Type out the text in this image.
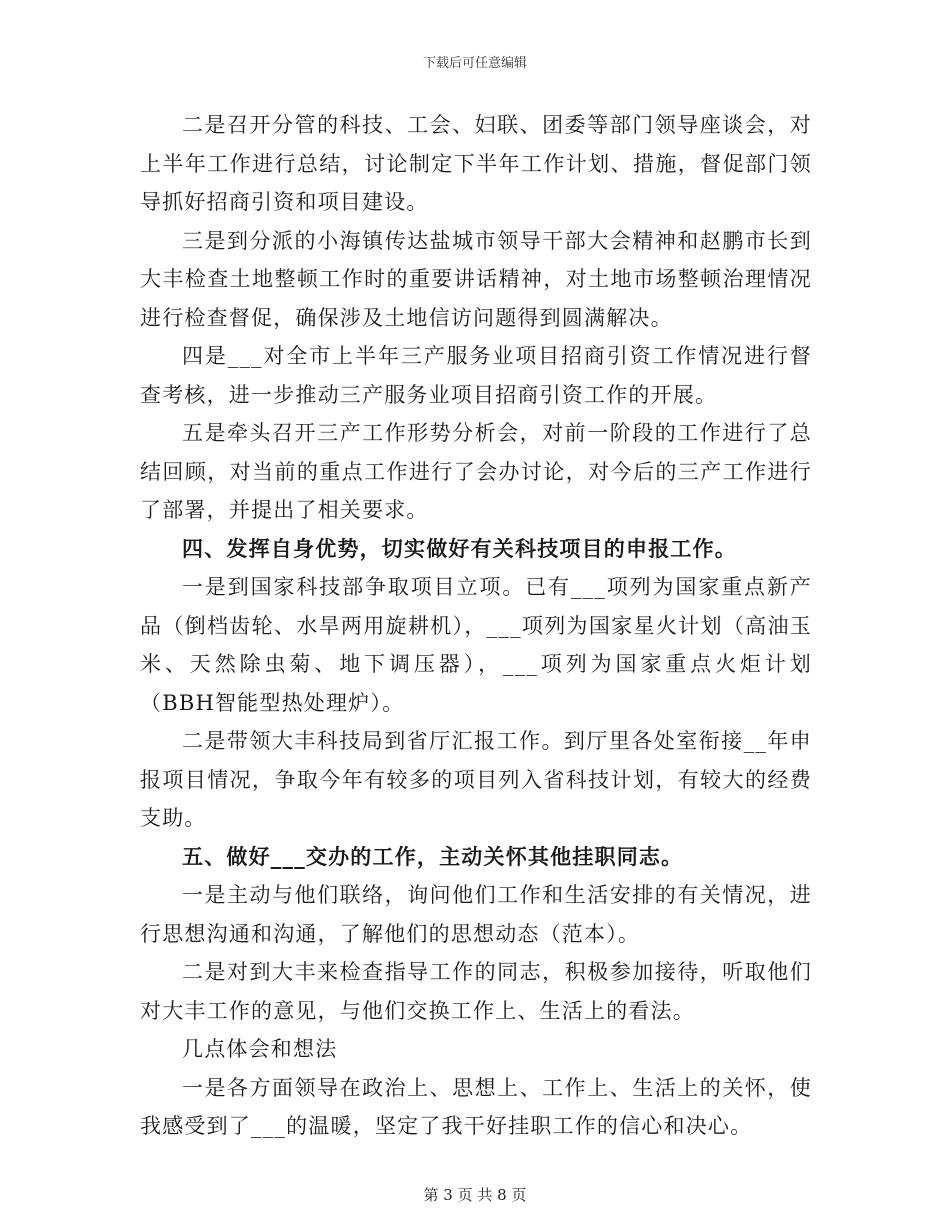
下载后可任意编辑

二是召开分管的科技、工会、妇联、团委等部门领导座谈会，对上半年工作进行总结，讨论制定下半年工作计划、措施，督促部门领导抓好招商引资和项目建设。

三是到分派的小海镇传达盐城市领导干部大会精神和赵鹏市长到大丰检查土地整顿工作时的重要讲话精神，对土地市场整顿治理情况进行检查督促，确保涉及土地信访问题得到圆满解决。

四是___对全市上半年三产服务业项目招商引资工作情况进行督查考核，进一步推动三产服务业项目招商引资工作的开展。

五是牵头召开三产工作形势分析会，对前一阶段的工作进行了总结回顾，对当前的重点工作进行了会办讨论，对今后的三产工作进行了部署，并提出了相关要求。

四、发挥自身优势，切实做好有关科技项目的申报工作。

一是到国家科技部争取项目立项。已有___项列为国家重点新产品（倒档齿轮、水旱两用旋耕机），___项列为国家星火计划（高油玉米、天然除虫菊、地下调压器），___项列为国家重点火炬计划（BBH智能型热处理炉）。

二是带领大丰科技局到省厅汇报工作。到厅里各处室衔接__年申报项目情况，争取今年有较多的项目列入省科技计划，有较大的经费支助。

五、做好___交办的工作，主动关怀其他挂职同志。

一是主动与他们联络，询问他们工作和生活安排的有关情况，进行思想沟通和沟通，了解他们的思想动态（范本）。

二是对到大丰来检查指导工作的同志，积极参加接待，听取他们对大丰工作的意见，与他们交换工作上、生活上的看法。

几点体会和想法

一是各方面领导在政治上、思想上、工作上、生活上的关怀，使我感受到了___的温暖，坚定了我干好挂职工作的信心和决心。

第 3 页 共 8 页
